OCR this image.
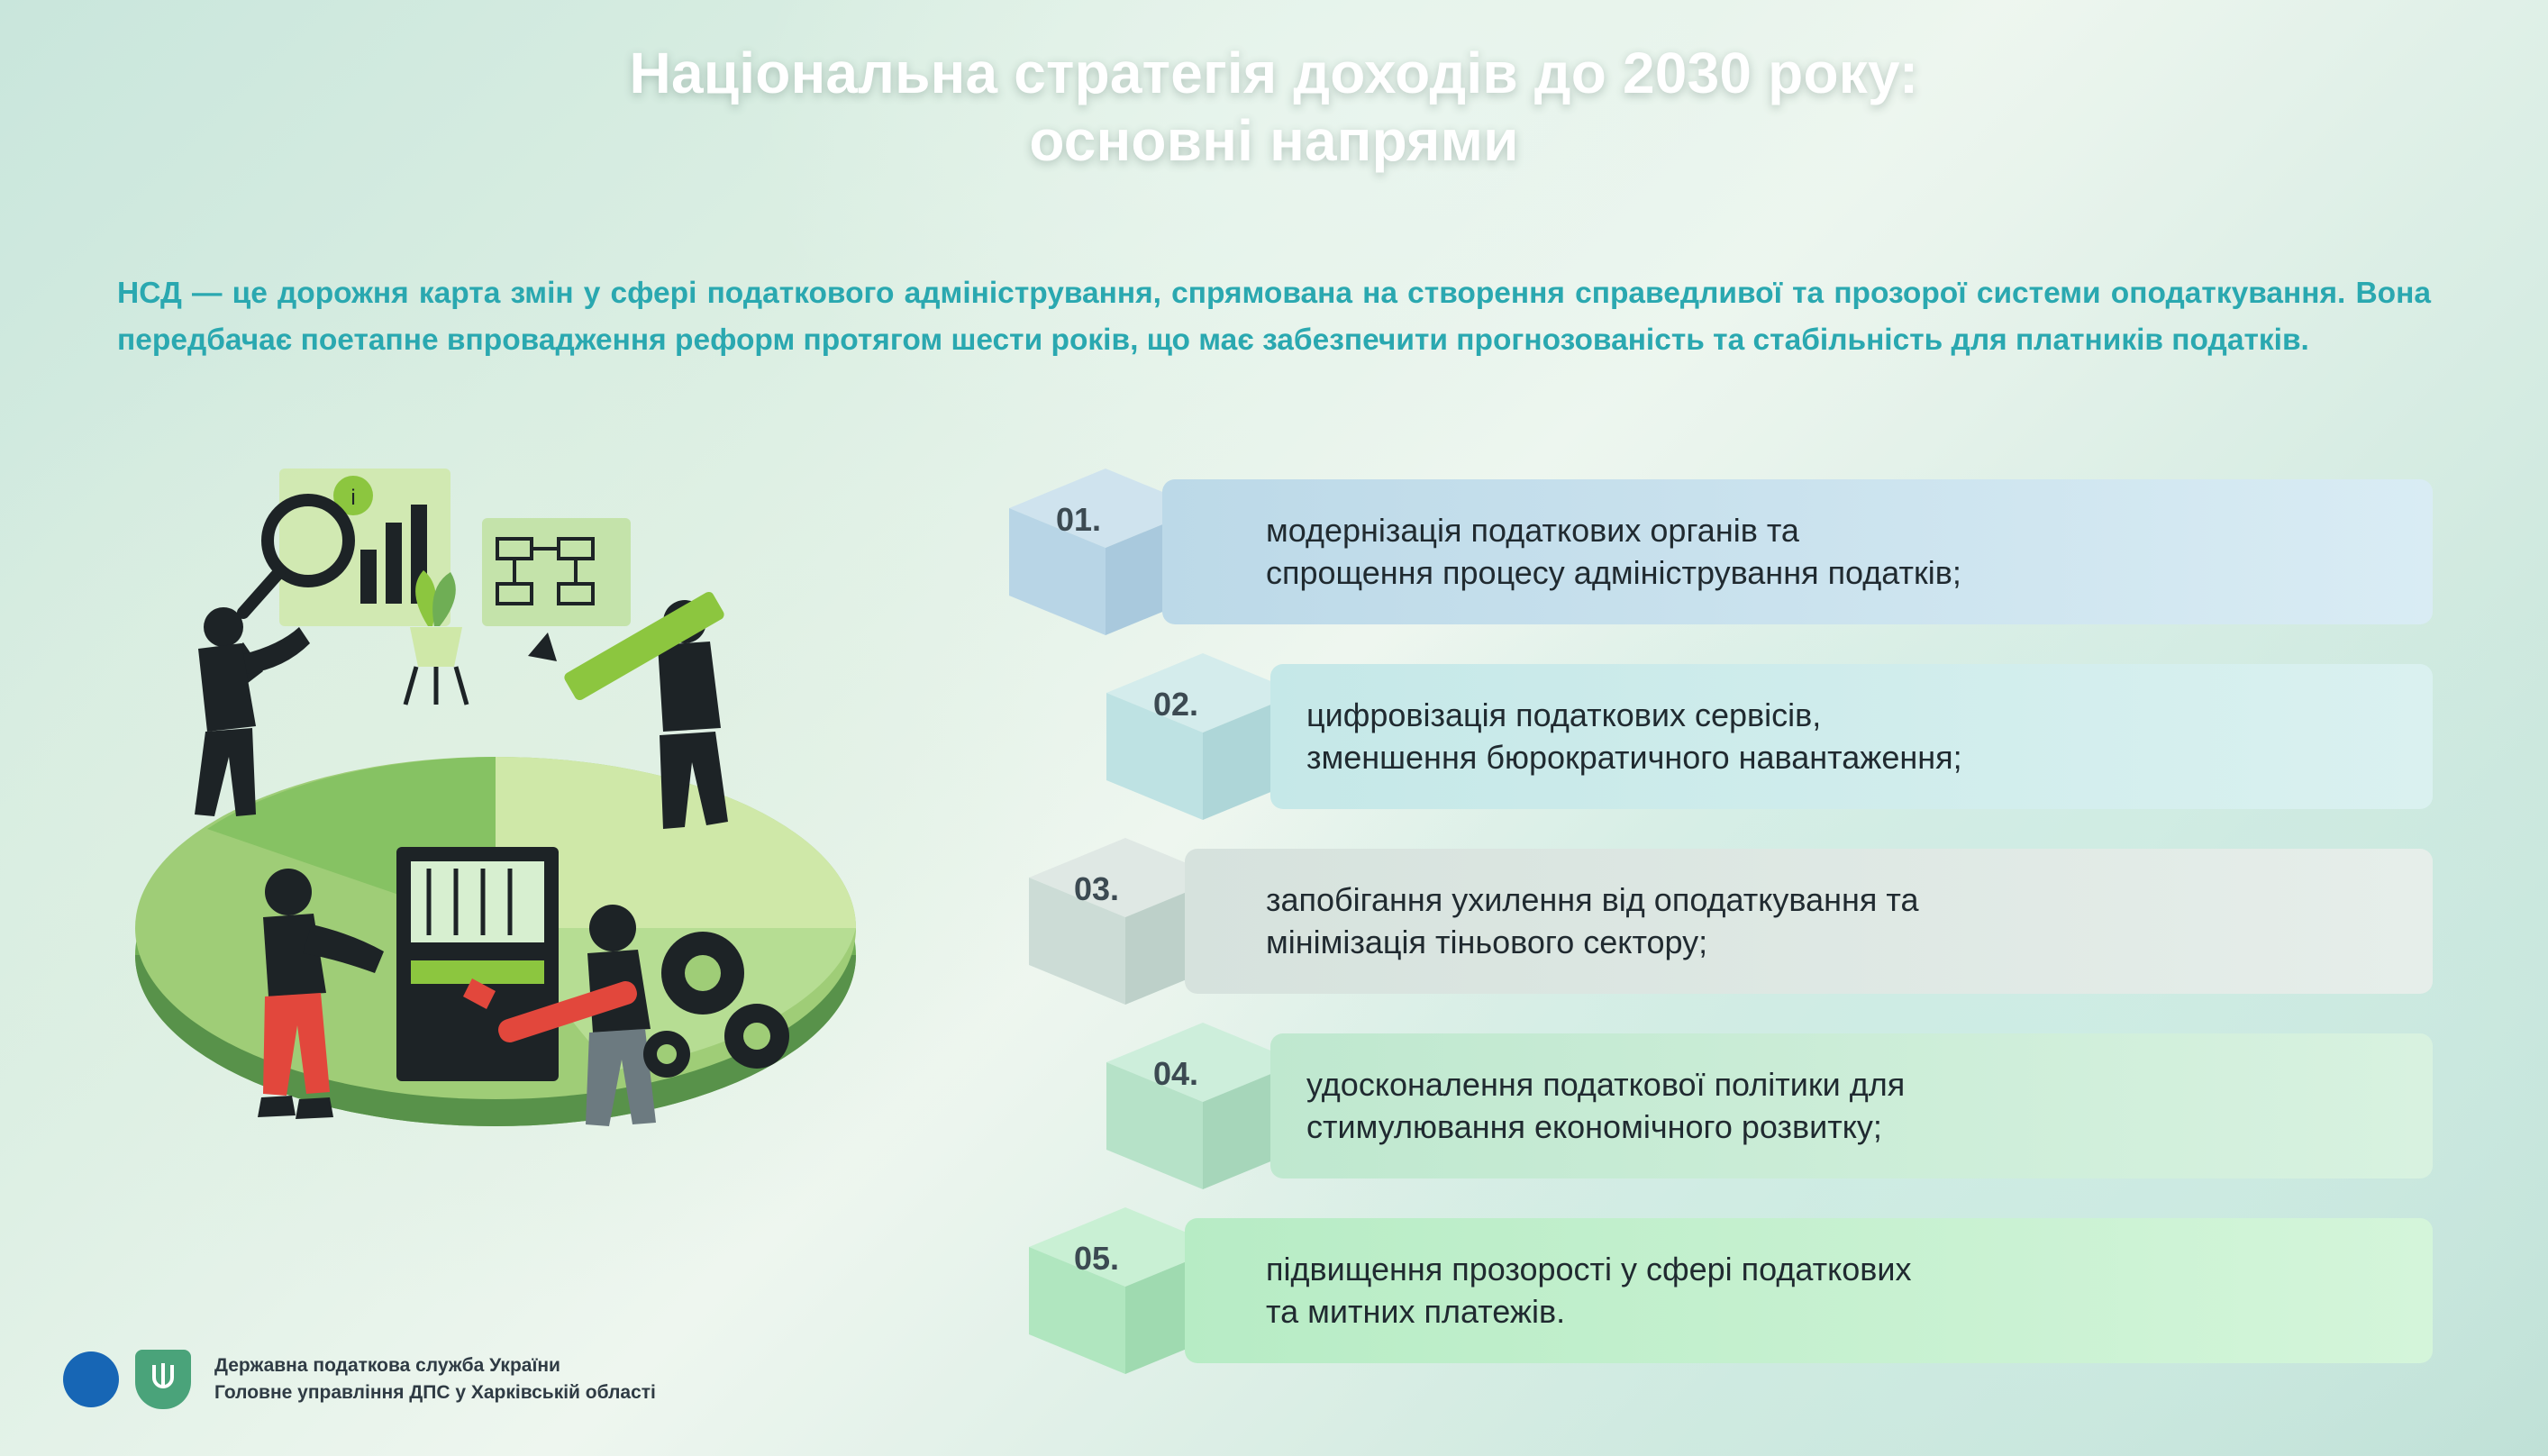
Національна стратегія доходів до 2030 року:
основні напрями
НСД — це дорожня карта змін у сфері податкового адміністрування, спрямована на створення справедливої та прозорої системи оподаткування. Вона передбачає поетапне впровадження реформ протягом шести років, що має забезпечити прогнозованість та стабільність для платників податків.
i
01.	модернізація податкових органів та
спрощення процесу адміністрування податків;
02.	цифровізація податкових сервісів,
зменшення бюрократичного навантаження;
03.	запобігання ухилення від оподаткування та
мінімізація тіньового сектору;
04.	удосконалення податкової політики для
стимулювання економічного розвитку;
05.	підвищення прозорості у сфері податкових
та митних платежів.
Державна податкова служба України
Головне управління ДПС у Харківській області
